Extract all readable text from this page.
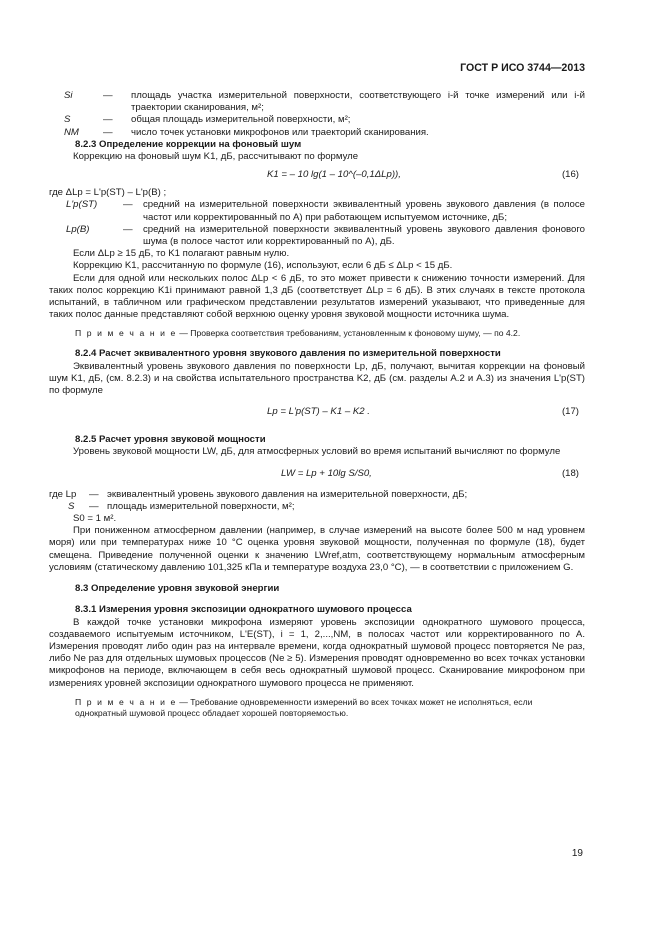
ГОСТ Р ИСО 3744—2013
Si	—	площадь участка измерительной поверхности, соответствующего i-й точке измерений или i-й траектории сканирования, м²;
S	—	общая площадь измерительной поверхности, м²;
NM	—	число точек установки микрофонов или траекторий сканирования.

8.2.3 Определение коррекции на фоновый шум

Коррекцию на фоновый шум K1, дБ, рассчитывают по формуле

K1 = – 10 lg(1 – 10^(–0,1ΔLp)),	(16)

где ΔLp = L'p(ST) – L'p(B) ;

L'p(ST)	—	средний на измерительной поверхности эквивалентный уровень звукового давления (в полосе частот или корректированный по A) при работающем испытуемом источнике, дБ;
Lp(B)	—	средний на измерительной поверхности эквивалентный уровень звукового давления фонового шума (в полосе частот или корректированный по A), дБ.

Если ΔLp ≥ 15 дБ, то K1 полагают равным нулю.

Коррекцию K1, рассчитанную по формуле (16), используют, если 6 дБ ≤ ΔLp < 15 дБ.

Если для одной или нескольких полос ΔLp < 6 дБ, то это может привести к снижению точности измерений. Для таких полос коррекцию K1i принимают равной 1,3 дБ (соответствует ΔLp = 6 дБ). В этих случаях в тексте протокола испытаний, в табличном или графическом представлении результатов измерений указывают, что приведенные для таких полос данные представляют собой верхнюю оценку уровня звуковой мощности источника шума.

П р и м е ч а н и е — Проверка соответствия требованиям, установленным к фоновому шуму, — по 4.2.

8.2.4 Расчет эквивалентного уровня звукового давления по измерительной поверхности

Эквивалентный уровень звукового давления по поверхности Lp, дБ, получают, вычитая коррекции на фоновый шум K1, дБ, (см. 8.2.3) и на свойства испытательного пространства K2, дБ (см. разделы А.2 и А.3) из значения L'p(ST) по формуле

Lp = L'p(ST) – K1 – K2 .	(17)

8.2.5 Расчет уровня звуковой мощности

Уровень звуковой мощности LW, дБ, для атмосферных условий во время испытаний вычисляют по формуле

LW = Lp + 10lg S/S0,	(18)
где Lp	— эквивалентный уровень звукового давления на измерительной поверхности, дБ;
S	— площадь измерительной поверхности, м²;

S0 = 1 м².

При пониженном атмосферном давлении (например, в случае измерений на высоте более 500 м над уровнем моря) или при температурах ниже 10 °С оценка уровня звуковой мощности, полученная по формуле (18), будет смещена. Приведение полученной оценки к значению LWref,atm, соответствующему нормальным атмосферным условиям (статическому давлению 101,325 кПа и температуре воздуха 23,0 °С), — в соответствии с приложением G.

8.3 Определение уровня звуковой энергии

8.3.1 Измерения уровня экспозиции однократного шумового процесса

В каждой точке установки микрофона измеряют уровень экспозиции однократного шумового процесса, создаваемого испытуемым источником, L'E(ST), i = 1, 2,...,NM, в полосах частот или корректированного по A. Измерения проводят либо один раз на интервале времени, когда однократный шумовой процесс повторяется Ne раз, либо Ne раз для отдельных шумовых процессов (Ne ≥ 5). Измерения проводят одновременно во всех точках установки микрофонов на периоде, включающем в себя весь однократный шумовой процесс. Сканирование микрофоном при измерениях уровней экспозиции однократного шумового процесса не применяют.

П р и м е ч а н и е — Требование одновременности измерений во всех точках может не исполняться, если однократный шумовой процесс обладает хорошей повторяемостью.

19
